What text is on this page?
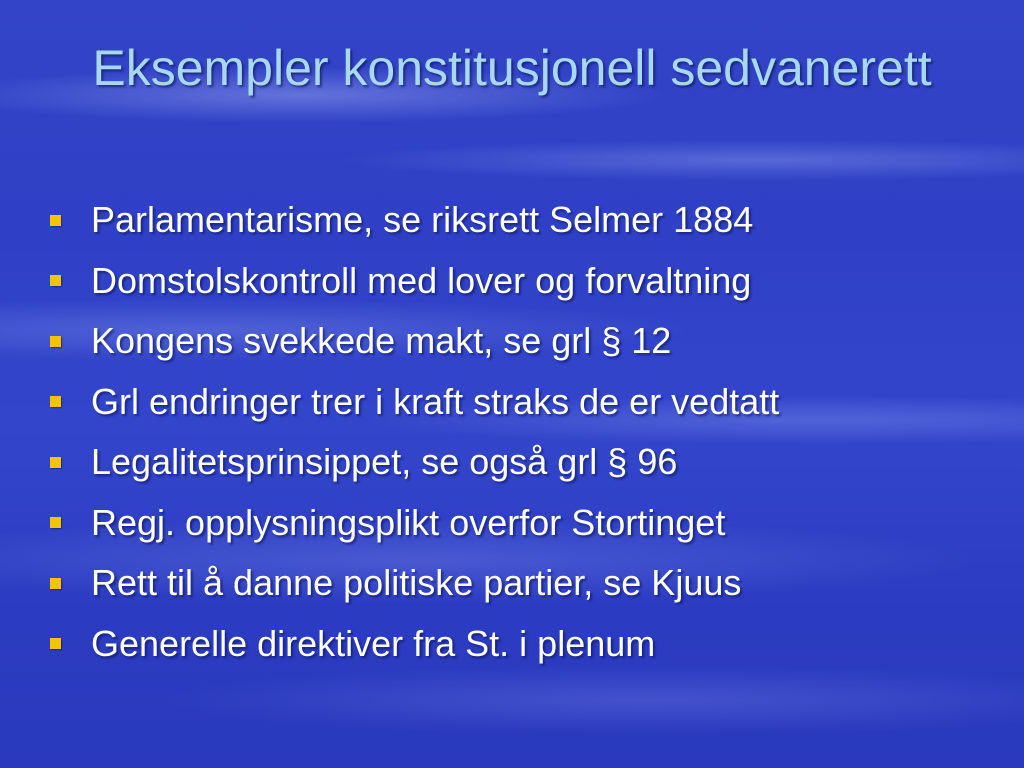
Eksempler konstitusjonell sedvanerett
Parlamentarisme, se riksrett Selmer 1884
Domstolskontroll med lover og forvaltning
Kongens svekkede makt, se grl § 12
Grl endringer trer i kraft straks de er vedtatt
Legalitetsprinsippet, se også grl § 96
Regj. opplysningsplikt overfor Stortinget
Rett til å danne politiske partier, se Kjuus
Generelle direktiver fra St. i plenum
